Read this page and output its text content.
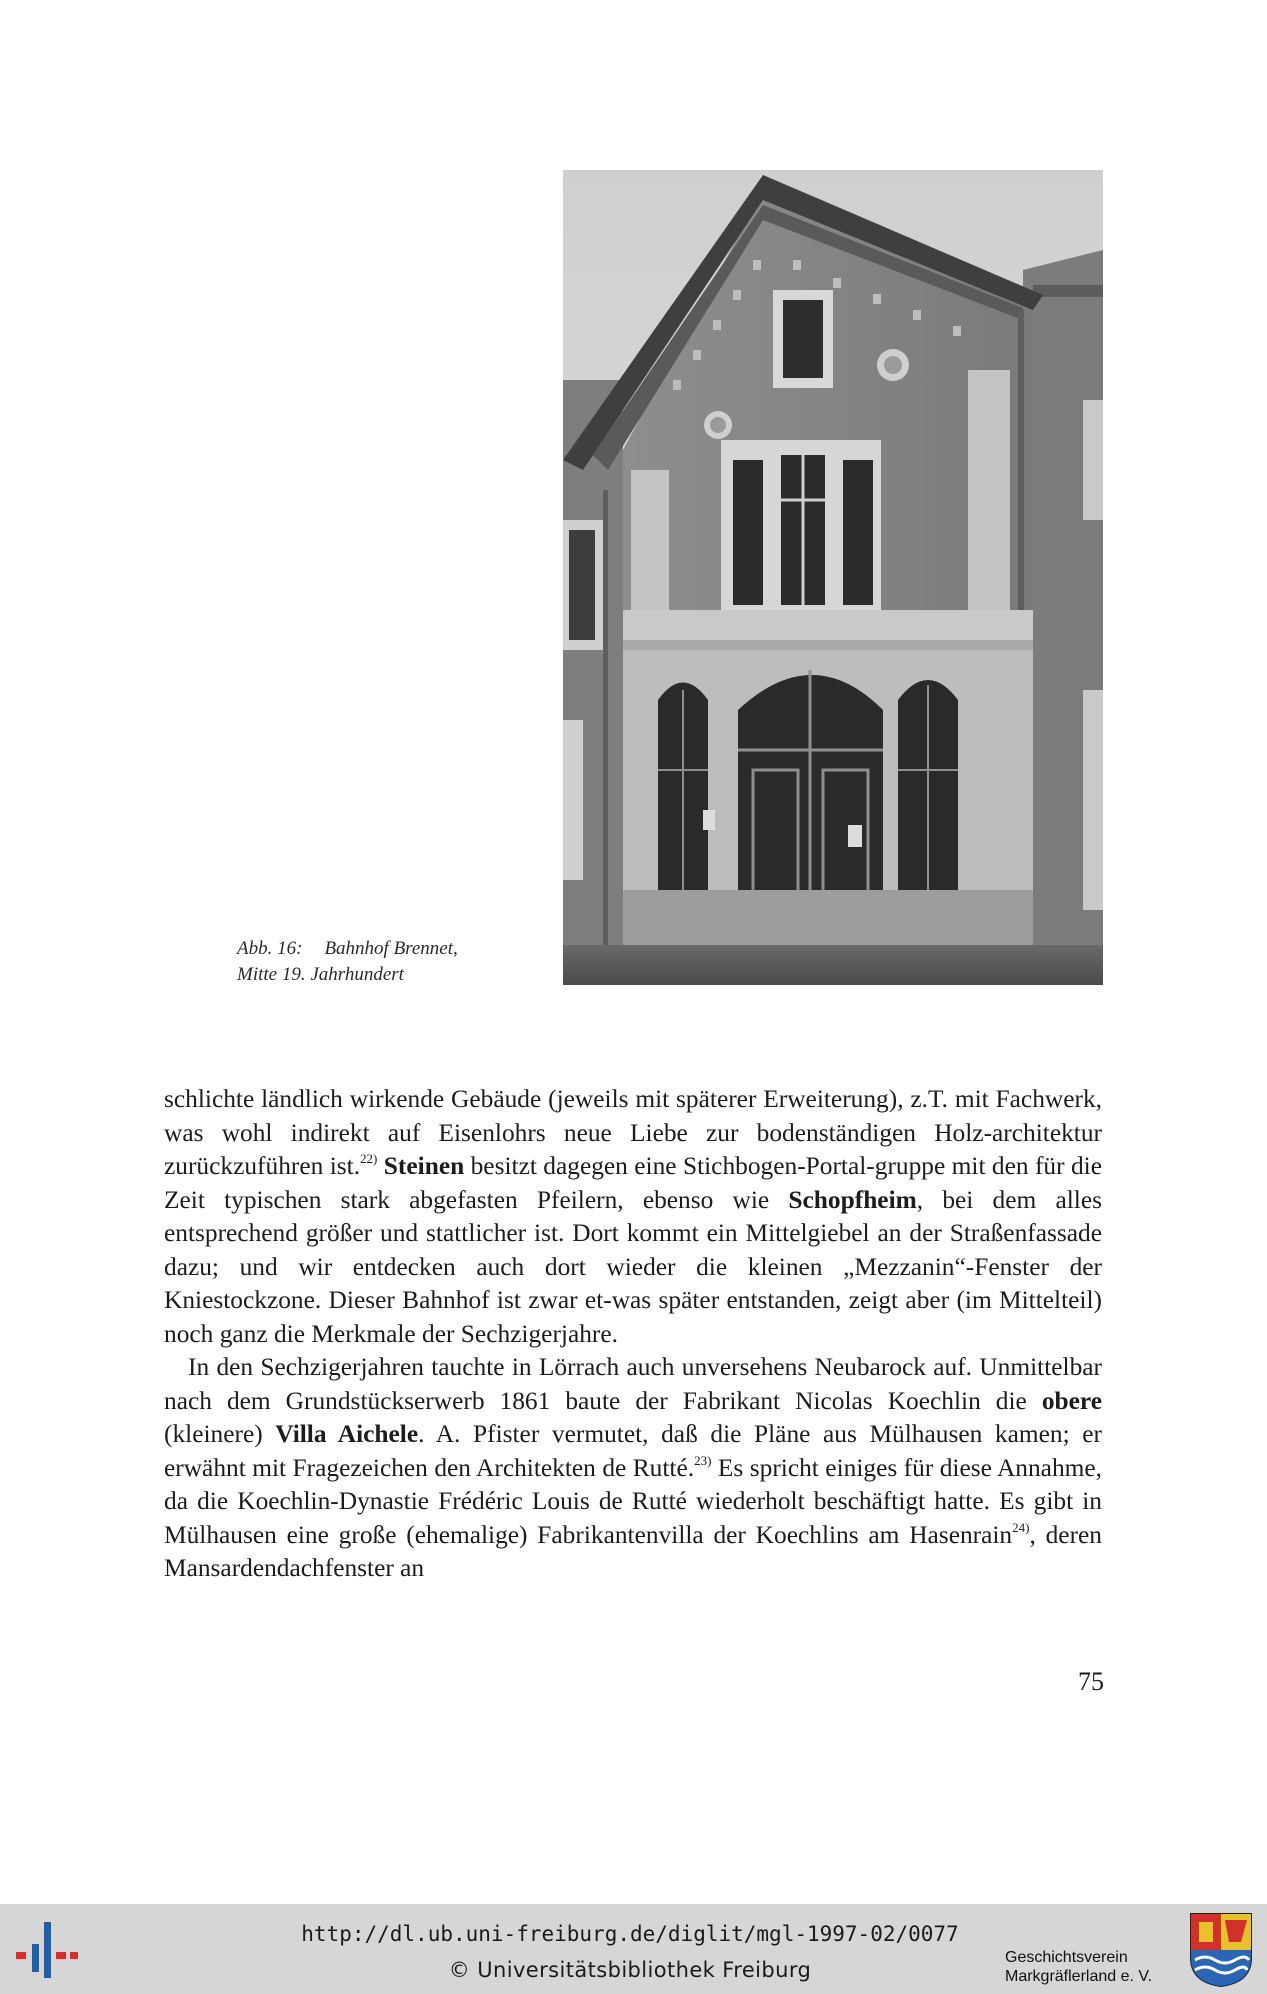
Abb. 16: Bahnhof Brennet,
Mitte 19. Jahrhundert

schlichte ländlich wirkende Gebäude (jeweils mit späterer Erweiterung), z.T. mit Fachwerk, was wohl indirekt auf Eisenlohrs neue Liebe zur bodenständigen Holz-architektur zurückzuführen ist.$^{22)}$ Steinen besitzt dagegen eine Stichbogen-Portal-gruppe mit den für die Zeit typischen stark abgefasten Pfeilern, ebenso wie Schopfheim, bei dem alles entsprechend größer und stattlicher ist. Dort kommt ein Mittelgiebel an der Straßenfassade dazu; und wir entdecken auch dort wieder die kleinen „Mezzanin“-Fenster der Kniestockzone. Dieser Bahnhof ist zwar et-was später entstanden, zeigt aber (im Mittelteil) noch ganz die Merkmale der Sechzigerjahre.

In den Sechzigerjahren tauchte in Lörrach auch unversehens Neubarock auf. Unmittelbar nach dem Grundstückserwerb 1861 baute der Fabrikant Nicolas Koechlin die obere (kleinere) Villa Aichele. A. Pfister vermutet, daß die Pläne aus Mülhausen kamen; er erwähnt mit Fragezeichen den Architekten de Rutté.$^{23)}$ Es spricht einiges für diese Annahme, da die Koechlin-Dynastie Frédéric Louis de Rutté wiederholt beschäftigt hatte. Es gibt in Mülhausen eine große (ehemalige) Fabrikantenvilla der Koechlins am Hasenrain$^{24)}$, deren Mansardendachfenster an

75
http://dl.ub.uni-freiburg.de/diglit/mgl-1997-02/0077
© Universitätsbibliothek Freiburg
Geschichtsverein
Markgräflerland e. V.
